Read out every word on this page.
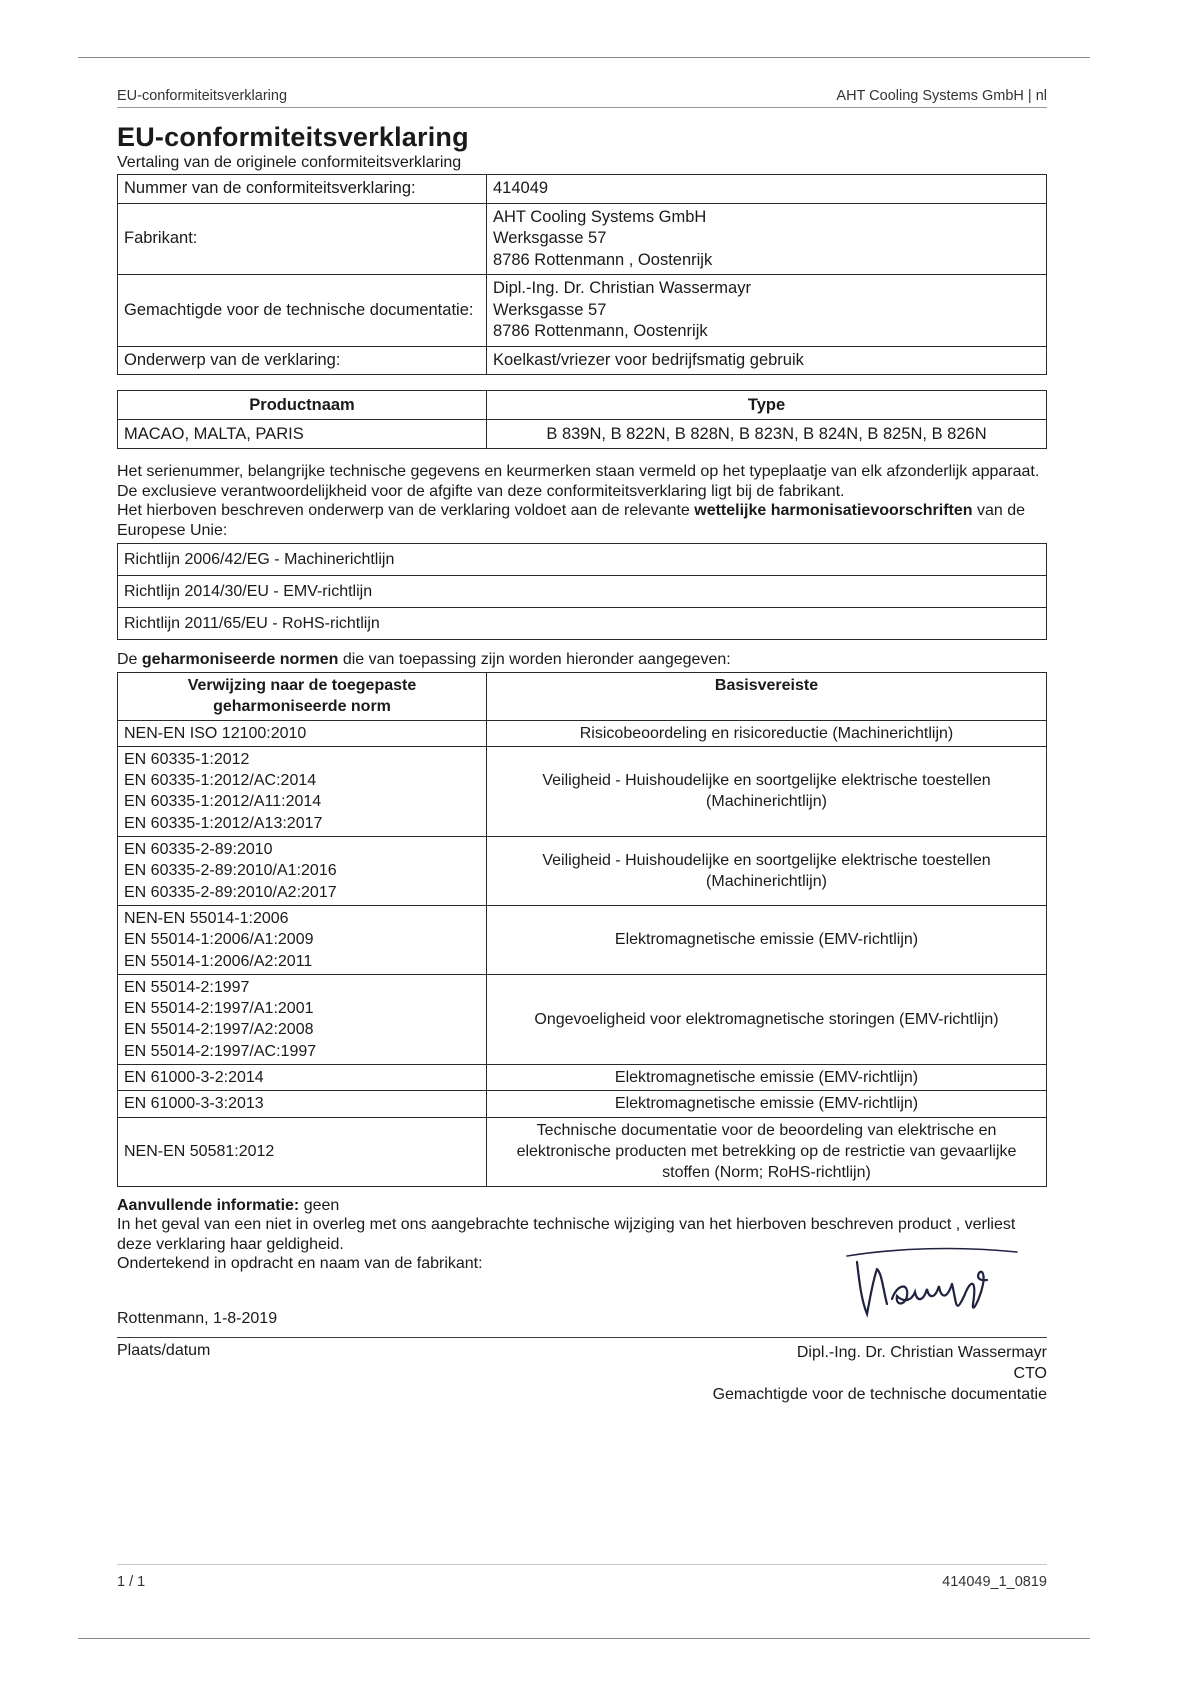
EU-conformiteitsverklaring	AHT Cooling Systems GmbH | nl
EU-conformiteitsverklaring
Vertaling van de originele conformiteitsverklaring
Nummer van de conformiteitsverklaring:	414049
Fabrikant:	AHT Cooling Systems GmbH
Werksgasse 57
8786 Rottenmann , Oostenrijk

Gemachtigde voor de technische documentatie:	Dipl.-Ing. Dr. Christian Wassermayr
Werksgasse 57
8786 Rottenmann, Oostenrijk

Onderwerp van de verklaring:	Koelkast/vriezer voor bedrijfsmatig gebruik
Productnaam	Type
MACAO, MALTA, PARIS	B 839N, B 822N, B 828N, B 823N, B 824N, B 825N, B 826N
Het serienummer, belangrijke technische gegevens en keurmerken staan vermeld op het typeplaatje van elk afzonderlijk apparaat.
De exclusieve verantwoordelijkheid voor de afgifte van deze conformiteitsverklaring ligt bij de fabrikant.
Het hierboven beschreven onderwerp van de verklaring voldoet aan de relevante wettelijke harmonisatievoorschriften van de Europese Unie:
Richtlijn 2006/42/EG - Machinerichtlijn
Richtlijn 2014/30/EU - EMV-richtlijn
Richtlijn 2011/65/EU - RoHS-richtlijn
De geharmoniseerde normen die van toepassing zijn worden hieronder aangegeven:
Verwijzing naar de toegepaste geharmoniseerde norm	Basisvereiste

NEN-EN ISO 12100:2010	Risicobeoordeling en risicoreductie (Machinerichtlijn)

EN 60335-1:2012
EN 60335-1:2012/AC:2014
EN 60335-1:2012/A11:2014
EN 60335-1:2012/A13:2017	Veiligheid - Huishoudelijke en soortgelijke elektrische toestellen (Machinerichtlijn)

EN 60335-2-89:2010
EN 60335-2-89:2010/A1:2016
EN 60335-2-89:2010/A2:2017	Veiligheid - Huishoudelijke en soortgelijke elektrische toestellen (Machinerichtlijn)

NEN-EN 55014-1:2006
EN 55014-1:2006/A1:2009
EN 55014-1:2006/A2:2011	Elektromagnetische emissie (EMV-richtlijn)

EN 55014-2:1997
EN 55014-2:1997/A1:2001
EN 55014-2:1997/A2:2008
EN 55014-2:1997/AC:1997	Ongevoeligheid voor elektromagnetische storingen (EMV-richtlijn)

EN 61000-3-2:2014	Elektromagnetische emissie (EMV-richtlijn)

EN 61000-3-3:2013	Elektromagnetische emissie (EMV-richtlijn)

NEN-EN 50581:2012	Technische documentatie voor de beoordeling van elektrische en elektronische producten met betrekking op de restrictie van gevaarlijke stoffen (Norm; RoHS-richtlijn)
Aanvullende informatie: geen
In het geval van een niet in overleg met ons aangebrachte technische wijziging van het hierboven beschreven product , verliest deze verklaring haar geldigheid.
Ondertekend in opdracht en naam van de fabrikant:
Rottenmann, 1-8-2019
Plaats/datum	Dipl.-Ing. Dr. Christian Wassermayr
CTO
Gemachtigde voor de technische documentatie
1 / 1	414049_1_0819
